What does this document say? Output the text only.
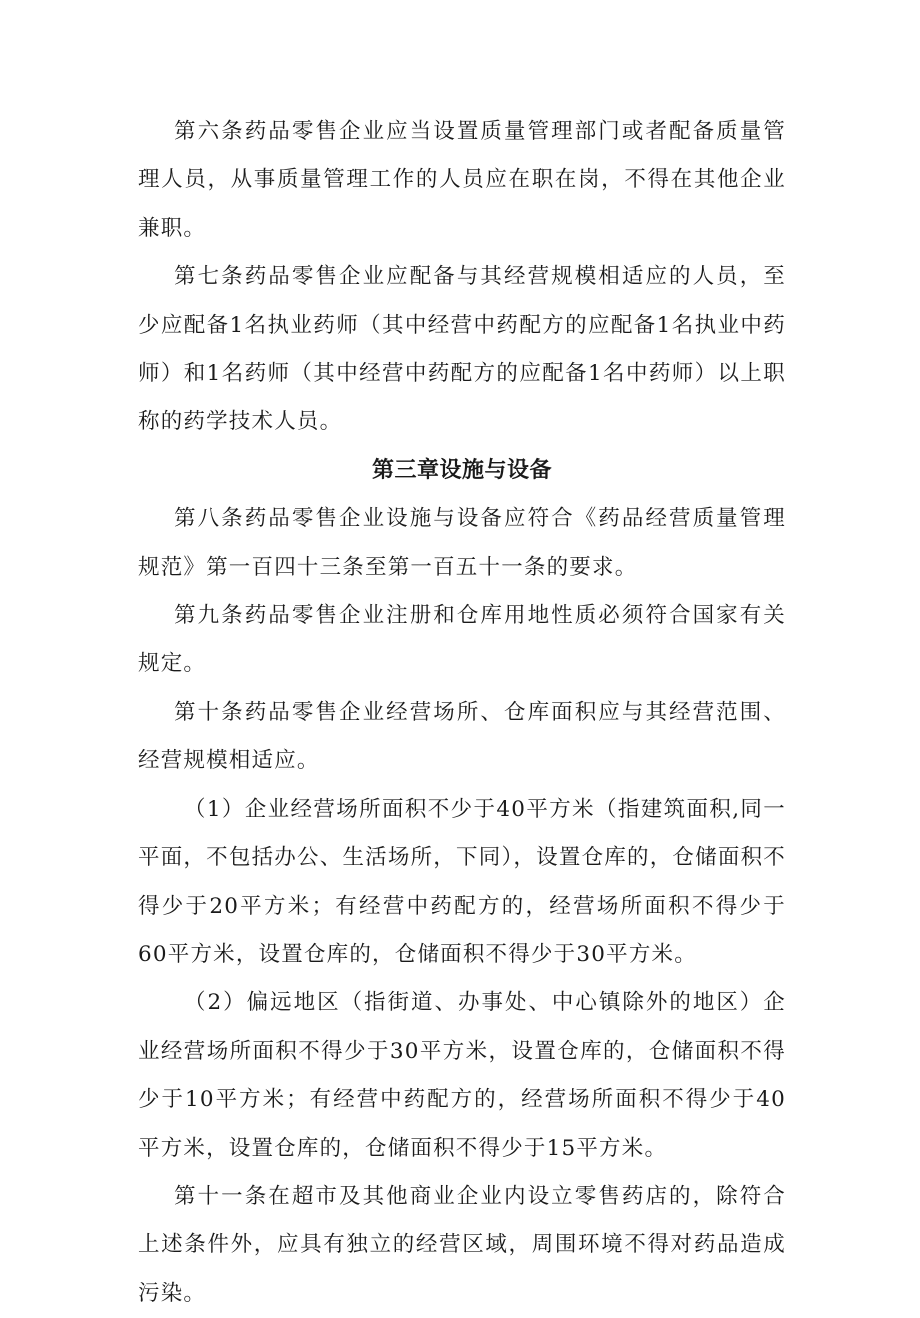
第六条药品零售企业应当设置质量管理部门或者配备质量管理人员，从事质量管理工作的人员应在职在岗，不得在其他企业兼职。

第七条药品零售企业应配备与其经营规模相适应的人员，至少应配备1名执业药师（其中经营中药配方的应配备1名执业中药师）和1名药师（其中经营中药配方的应配备1名中药师）以上职称的药学技术人员。

第三章设施与设备

第八条药品零售企业设施与设备应符合《药品经营质量管理规范》第一百四十三条至第一百五十一条的要求。

第九条药品零售企业注册和仓库用地性质必须符合国家有关规定。

第十条药品零售企业经营场所、仓库面积应与其经营范围、经营规模相适应。

（1）企业经营场所面积不少于40平方米（指建筑面积,同一平面，不包括办公、生活场所，下同），设置仓库的，仓储面积不得少于20平方米；有经营中药配方的，经营场所面积不得少于60平方米，设置仓库的，仓储面积不得少于30平方米。

（2）偏远地区（指街道、办事处、中心镇除外的地区）企业经营场所面积不得少于30平方米，设置仓库的，仓储面积不得少于10平方米；有经营中药配方的，经营场所面积不得少于40平方米，设置仓库的，仓储面积不得少于15平方米。

第十一条在超市及其他商业企业内设立零售药店的，除符合上述条件外，应具有独立的经营区域，周围环境不得对药品造成污染。
